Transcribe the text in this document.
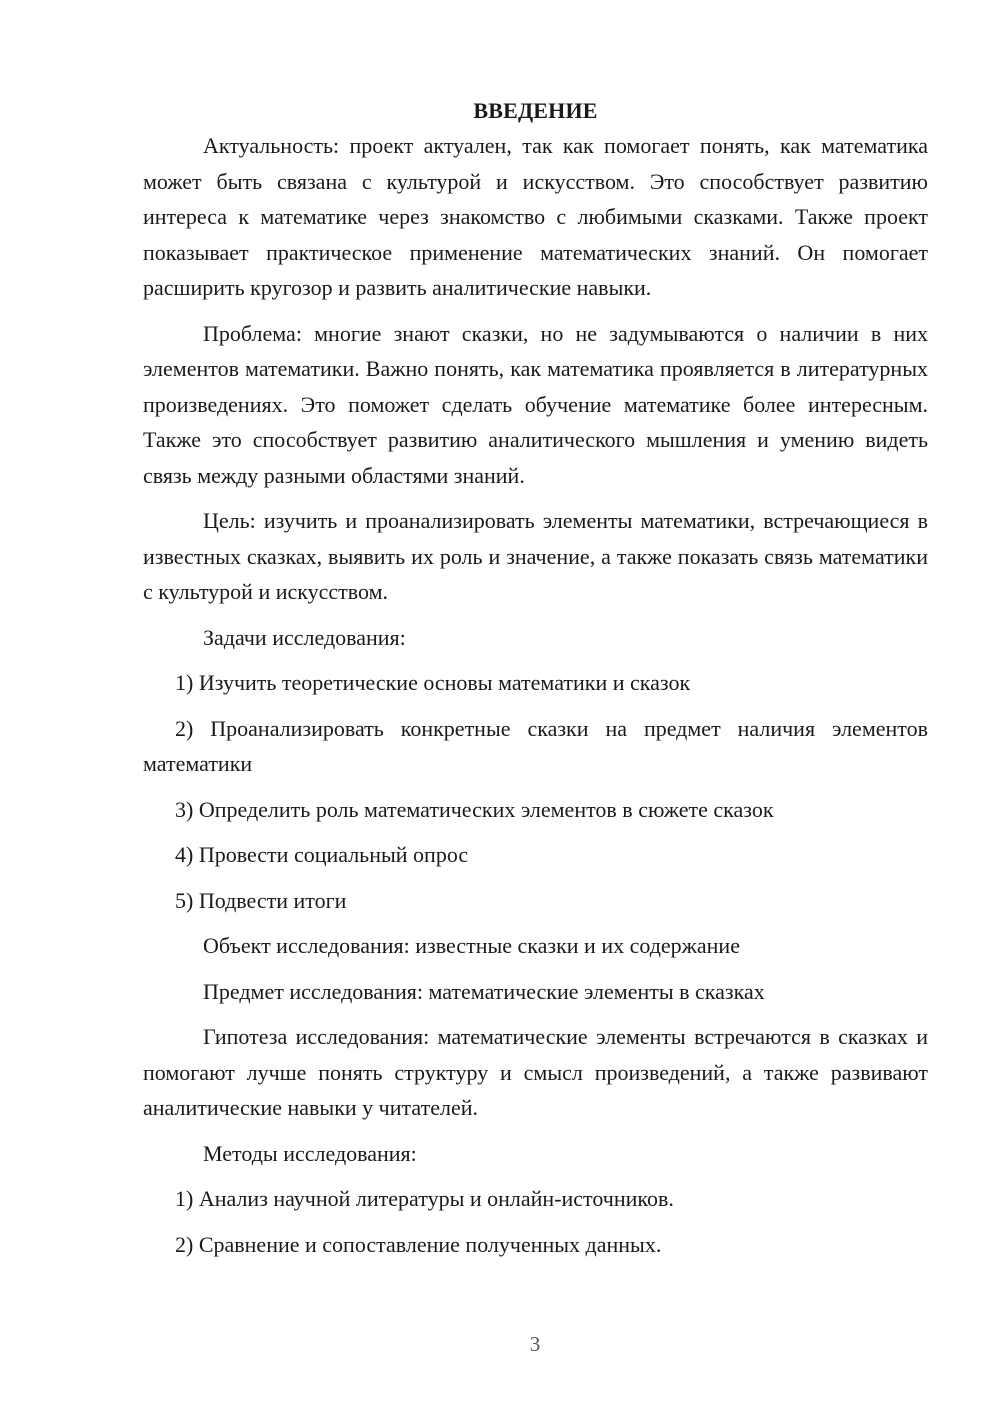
ВВЕДЕНИЕ

Актуальность: проект актуален, так как помогает понять, как математика может быть связана с культурой и искусством. Это способствует развитию интереса к математике через знакомство с любимыми сказками. Также проект показывает практическое применение математических знаний. Он помогает расширить кругозор и развить аналитические навыки.

Проблема: многие знают сказки, но не задумываются о наличии в них элементов математики. Важно понять, как математика проявляется в литературных произведениях. Это поможет сделать обучение математике более интересным. Также это способствует развитию аналитического мышления и умению видеть связь между разными областями знаний.

Цель: изучить и проанализировать элементы математики, встречающиеся в известных сказках, выявить их роль и значение, а также показать связь математики с культурой и искусством.

Задачи исследования:

1) Изучить теоретические основы математики и сказок

2) Проанализировать конкретные сказки на предмет наличия элементов математики

3) Определить роль математических элементов в сюжете сказок

4) Провести социальный опрос

5) Подвести итоги

Объект исследования: известные сказки и их содержание

Предмет исследования: математические элементы в сказках

Гипотеза исследования: математические элементы встречаются в сказках и помогают лучше понять структуру и смысл произведений, а также развивают аналитические навыки у читателей.

Методы исследования:

1) Анализ научной литературы и онлайн-источников.

2) Сравнение и сопоставление полученных данных.

3
